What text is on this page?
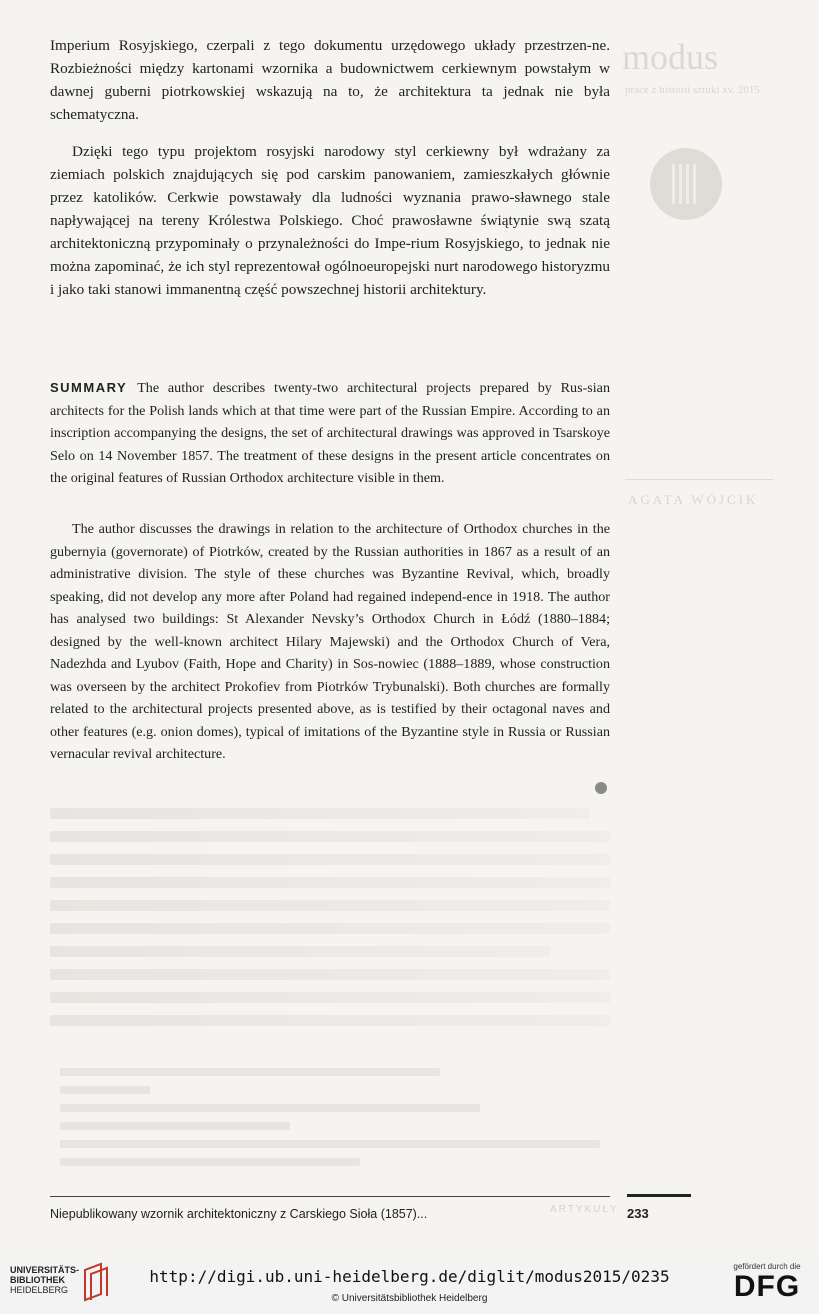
modus
prace z historii sztuki xv. 2015
AGATA WÓJCIK
ARTYKUŁY

Imperium Rosyjskiego, czerpali z tego dokumentu urzędowego układy przestrzen-ne. Rozbieżności między kartonami wzornika a budownictwem cerkiewnym powstałym w dawnej guberni piotrkowskiej wskazują na to, że architektura ta jednak nie była schematyczna.

Dzięki tego typu projektom rosyjski narodowy styl cerkiewny był wdrażany za ziemiach polskich znajdujących się pod carskim panowaniem, zamieszkałych głównie przez katolików. Cerkwie powstawały dla ludności wyznania prawo-sławnego stale napływającej na tereny Królestwa Polskiego. Choć prawosławne świątynie swą szatą architektoniczną przypominały o przynależności do Impe-rium Rosyjskiego, to jednak nie można zapominać, że ich styl reprezentował ogólnoeuropejski nurt narodowego historyzmu i jako taki stanowi immanentną część powszechnej historii architektury.

SUMMARY The author describes twenty-two architectural projects prepared by Rus-sian architects for the Polish lands which at that time were part of the Russian Empire. According to an inscription accompanying the designs, the set of architectural drawings was approved in Tsarskoye Selo on 14 November 1857. The treatment of these designs in the present article concentrates on the original features of Russian Orthodox architecture visible in them.

The author discusses the drawings in relation to the architecture of Orthodox churches in the gubernyia (governorate) of Piotrków, created by the Russian authorities in 1867 as a result of an administrative division. The style of these churches was Byzantine Revival, which, broadly speaking, did not develop any more after Poland had regained independ-ence in 1918. The author has analysed two buildings: St Alexander Nevsky’s Orthodox Church in Łódź (1880–1884; designed by the well-known architect Hilary Majewski) and the Orthodox Church of Vera, Nadezhda and Lyubov (Faith, Hope and Charity) in Sos-nowiec (1888–1889, whose construction was overseen by the architect Prokofiev from Piotrków Trybunalski). Both churches are formally related to the architectural projects presented above, as is testified by their octagonal naves and other features (e.g. onion domes), typical of imitations of the Byzantine style in Russia or Russian vernacular revival architecture.

Niepublikowany wzornik architektoniczny z Carskiego Sioła (1857)...	233
UNIVERSITÄTS-
BIBLIOTHEK
HEIDELBERG
http://digi.ub.uni-heidelberg.de/diglit/modus2015/0235
© Universitätsbibliothek Heidelberg
gefördert durch die
DFG
